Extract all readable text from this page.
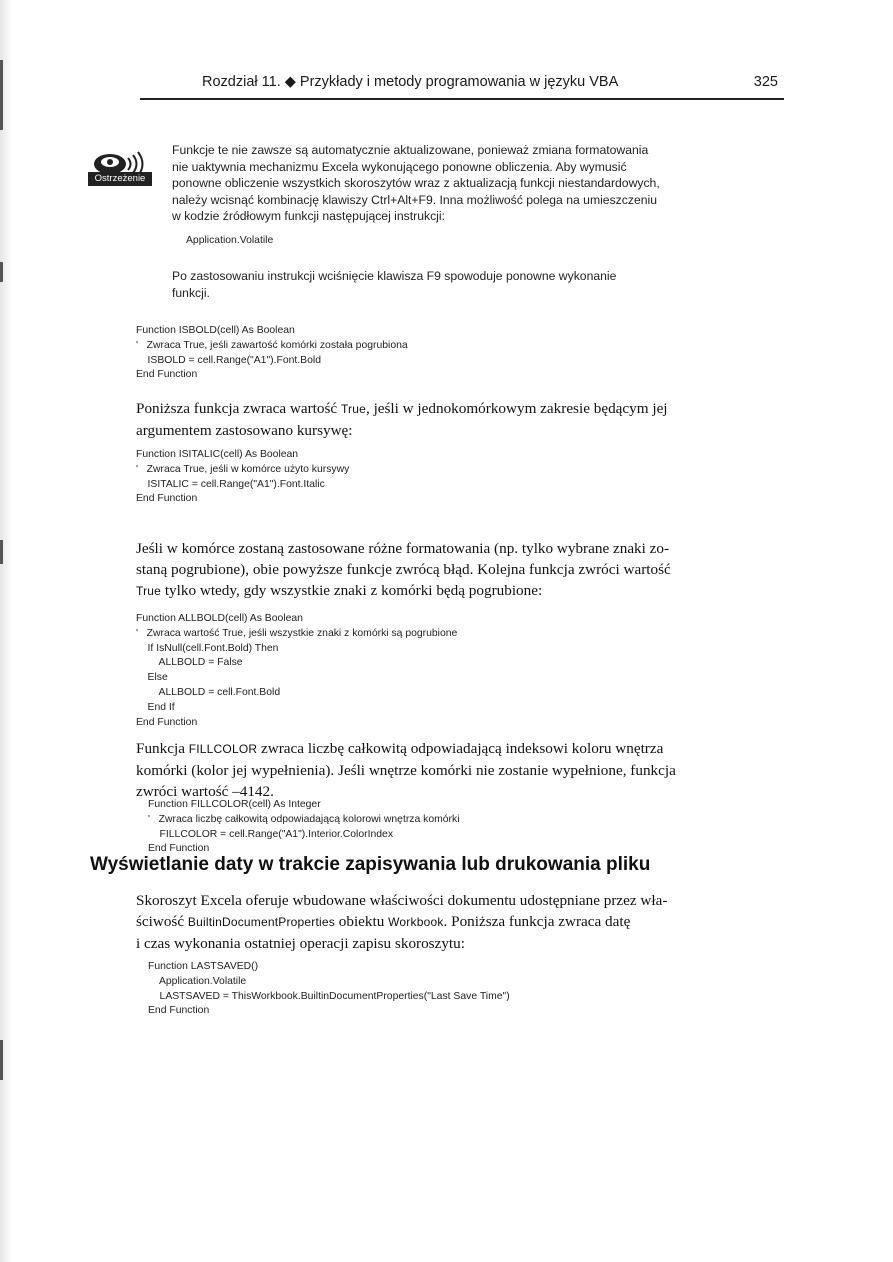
Rozdział 11. ◆ Przykłady i metody programowania w języku VBA	325
Ostrzeżenie
Funkcje te nie zawsze są automatycznie aktualizowane, ponieważ zmiana formatowania
nie uaktywnia mechanizmu Excela wykonującego ponowne obliczenia. Aby wymusić
ponowne obliczenie wszystkich skoroszytów wraz z aktualizacją funkcji niestandardowych,
należy wcisnąć kombinację klawiszy Ctrl+Alt+F9. Inna możliwość polega na umieszczeniu
w kodzie źródłowym funkcji następującej instrukcji:
Application.Volatile
Po zastosowaniu instrukcji wciśnięcie klawisza F9 spowoduje ponowne wykonanie
funkcji.
Function ISBOLD(cell) As Boolean
'   Zwraca True, jeśli zawartość komórki została pogrubiona
ISBOLD = cell.Range("A1").Font.Bold
End Function
Poniższa funkcja zwraca wartość True, jeśli w jednokomórkowym zakresie będącym jej
argumentem zastosowano kursywę:
Function ISITALIC(cell) As Boolean
'   Zwraca True, jeśli w komórce użyto kursywy
ISITALIC = cell.Range("A1").Font.Italic
End Function
Jeśli w komórce zostaną zastosowane różne formatowania (np. tylko wybrane znaki zo-
staną pogrubione), obie powyższe funkcje zwrócą błąd. Kolejna funkcja zwróci wartość
True tylko wtedy, gdy wszystkie znaki z komórki będą pogrubione:
Function ALLBOLD(cell) As Boolean
'   Zwraca wartość True, jeśli wszystkie znaki z komórki są pogrubione
If IsNull(cell.Font.Bold) Then
ALLBOLD = False
Else
ALLBOLD = cell.Font.Bold
End If
End Function
Funkcja FILLCOLOR zwraca liczbę całkowitą odpowiadającą indeksowi koloru wnętrza
komórki (kolor jej wypełnienia). Jeśli wnętrze komórki nie zostanie wypełnione, funkcja
zwróci wartość –4142.
Function FILLCOLOR(cell) As Integer
'   Zwraca liczbę całkowitą odpowiadającą kolorowi wnętrza komórki
FILLCOLOR = cell.Range("A1").Interior.ColorIndex
End Function
Wyświetlanie daty w trakcie zapisywania lub drukowania pliku
Skoroszyt Excela oferuje wbudowane właściwości dokumentu udostępniane przez wła-
ściwość BuiltinDocumentProperties obiektu Workbook. Poniższa funkcja zwraca datę
i czas wykonania ostatniej operacji zapisu skoroszytu:
Function LASTSAVED()
Application.Volatile
LASTSAVED = ThisWorkbook.BuiltinDocumentProperties("Last Save Time")
End Function
